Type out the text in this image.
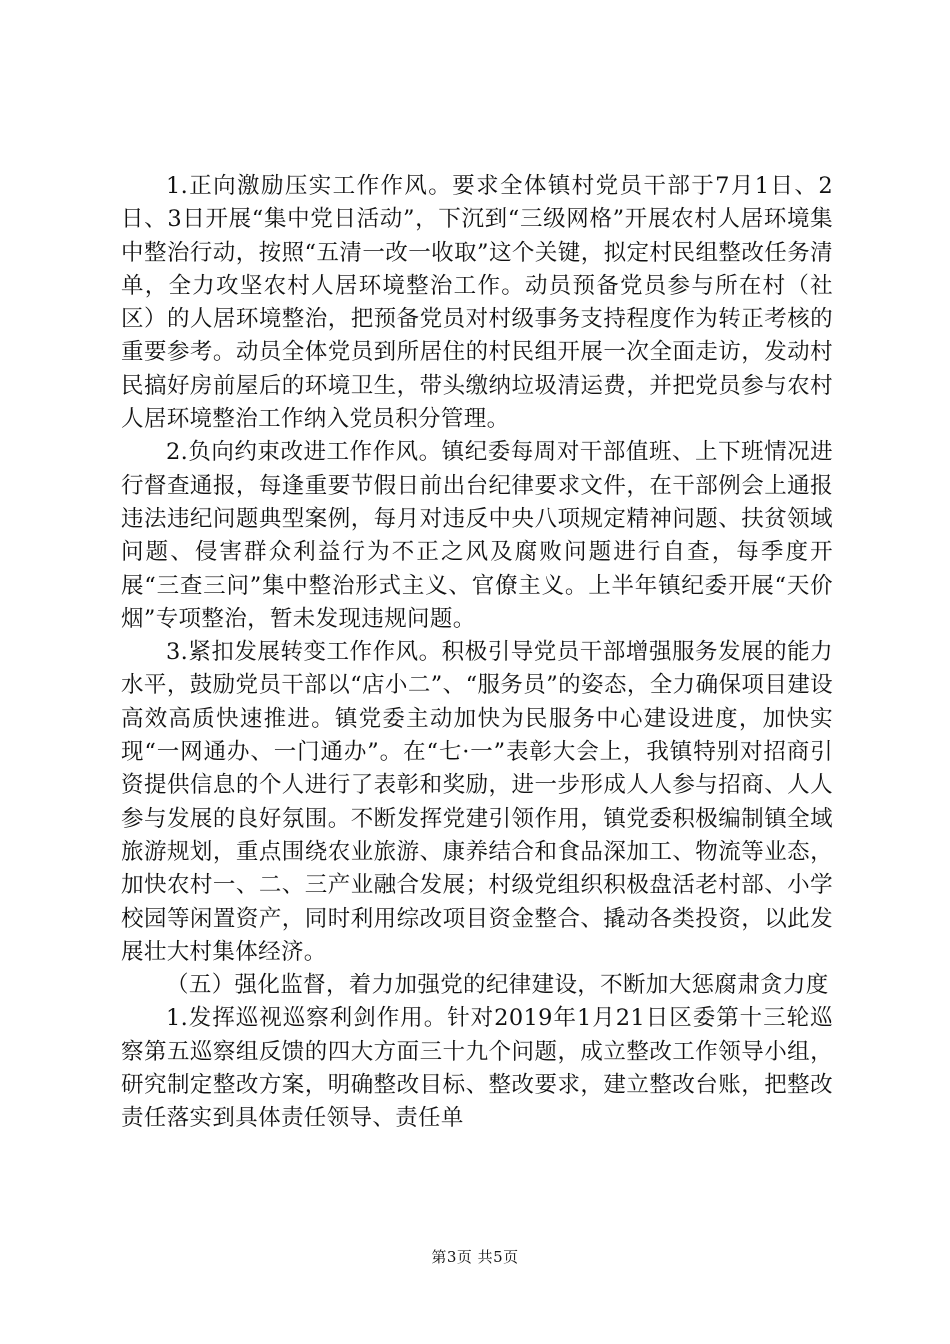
1.正向激励压实工作作风。要求全体镇村党员干部于7月1日、2日、3日开展“集中党日活动”，下沉到“三级网格”开展农村人居环境集中整治行动，按照“五清一改一收取”这个关键，拟定村民组整改任务清单，全力攻坚农村人居环境整治工作。动员预备党员参与所在村（社区）的人居环境整治，把预备党员对村级事务支持程度作为转正考核的重要参考。动员全体党员到所居住的村民组开展一次全面走访，发动村民搞好房前屋后的环境卫生，带头缴纳垃圾清运费，并把党员参与农村人居环境整治工作纳入党员积分管理。

2.负向约束改进工作作风。镇纪委每周对干部值班、上下班情况进行督查通报，每逢重要节假日前出台纪律要求文件，在干部例会上通报违法违纪问题典型案例，每月对违反中央八项规定精神问题、扶贫领域问题、侵害群众利益行为不正之风及腐败问题进行自查，每季度开展“三查三问”集中整治形式主义、官僚主义。上半年镇纪委开展“天价烟”专项整治，暂未发现违规问题。

3.紧扣发展转变工作作风。积极引导党员干部增强服务发展的能力水平，鼓励党员干部以“店小二”、“服务员”的姿态，全力确保项目建设高效高质快速推进。镇党委主动加快为民服务中心建设进度，加快实现“一网通办、一门通办”。在“七·一”表彰大会上，我镇特别对招商引资提供信息的个人进行了表彰和奖励，进一步形成人人参与招商、人人参与发展的良好氛围。不断发挥党建引领作用，镇党委积极编制镇全域旅游规划，重点围绕农业旅游、康养结合和食品深加工、物流等业态，加快农村一、二、三产业融合发展；村级党组织积极盘活老村部、小学校园等闲置资产，同时利用综改项目资金整合、撬动各类投资，以此发展壮大村集体经济。

（五）强化监督，着力加强党的纪律建设，不断加大惩腐肃贪力度

1.发挥巡视巡察利剑作用。针对2019年1月21日区委第十三轮巡察第五巡察组反馈的四大方面三十九个问题，成立整改工作领导小组，研究制定整改方案，明确整改目标、整改要求，建立整改台账，把整改责任落实到具体责任领导、责任单

第3页 共5页
